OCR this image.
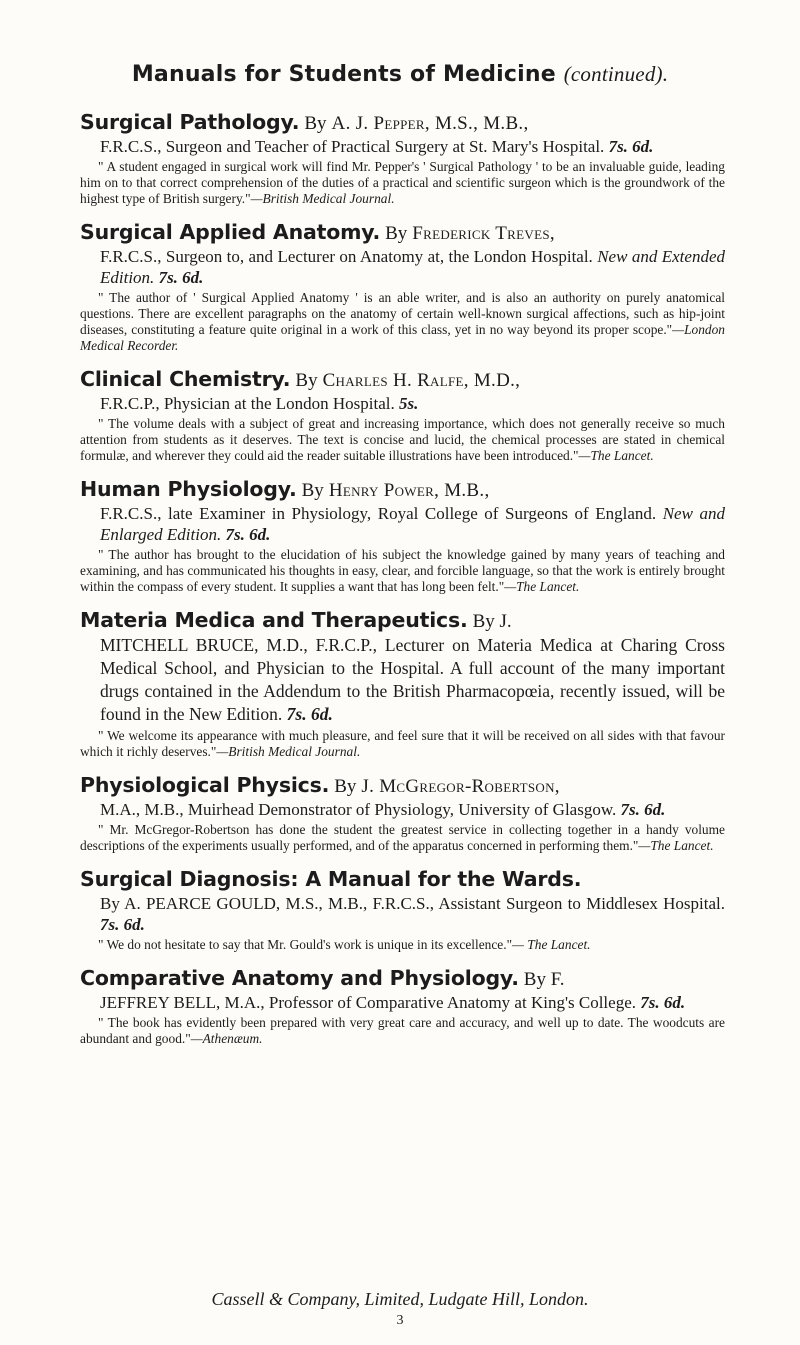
Manuals for Students of Medicine (continued).

Surgical Pathology. By A. J. Pepper, M.S., M.B.,

F.R.C.S., Surgeon and Teacher of Practical Surgery at St. Mary's Hospital. 7s. 6d.

" A student engaged in surgical work will find Mr. Pepper's ' Surgical Pathology ' to be an invaluable guide, leading him on to that correct comprehension of the duties of a practical and scientific surgeon which is the groundwork of the highest type of British surgery."—British Medical Journal.

Surgical Applied Anatomy. By Frederick Treves,

F.R.C.S., Surgeon to, and Lecturer on Anatomy at, the London Hospital. New and Extended Edition. 7s. 6d.

" The author of ' Surgical Applied Anatomy ' is an able writer, and is also an authority on purely anatomical questions. There are excellent paragraphs on the anatomy of certain well-known surgical affections, such as hip-joint diseases, constituting a feature quite original in a work of this class, yet in no way beyond its proper scope."—London Medical Recorder.

Clinical Chemistry. By Charles H. Ralfe, M.D.,

F.R.C.P., Physician at the London Hospital. 5s.

" The volume deals with a subject of great and increasing importance, which does not generally receive so much attention from students as it deserves. The text is concise and lucid, the chemical processes are stated in chemical formulæ, and wherever they could aid the reader suitable illustrations have been introduced."—The Lancet.

Human Physiology. By Henry Power, M.B.,

F.R.C.S., late Examiner in Physiology, Royal College of Surgeons of England. New and Enlarged Edition. 7s. 6d.

" The author has brought to the elucidation of his subject the knowledge gained by many years of teaching and examining, and has communicated his thoughts in easy, clear, and forcible language, so that the work is entirely brought within the compass of every student. It supplies a want that has long been felt."—The Lancet.

Materia Medica and Therapeutics. By J.

MITCHELL BRUCE, M.D., F.R.C.P., Lecturer on Materia Medica at Charing Cross Medical School, and Physician to the Hospital. A full account of the many important drugs contained in the Addendum to the British Pharmacopœia, recently issued, will be found in the New Edition. 7s. 6d.

" We welcome its appearance with much pleasure, and feel sure that it will be received on all sides with that favour which it richly deserves."—British Medical Journal.

Physiological Physics. By J. McGregor-Robertson,

M.A., M.B., Muirhead Demonstrator of Physiology, University of Glasgow. 7s. 6d.

" Mr. McGregor-Robertson has done the student the greatest service in collecting together in a handy volume descriptions of the experiments usually performed, and of the apparatus concerned in performing them."—The Lancet.

Surgical Diagnosis: A Manual for the Wards.

By A. PEARCE GOULD, M.S., M.B., F.R.C.S., Assistant Surgeon to Middlesex Hospital. 7s. 6d.

" We do not hesitate to say that Mr. Gould's work is unique in its excellence."— The Lancet.

Comparative Anatomy and Physiology. By F.

JEFFREY BELL, M.A., Professor of Comparative Anatomy at King's College. 7s. 6d.

" The book has evidently been prepared with very great care and accuracy, and well up to date. The woodcuts are abundant and good."—Athenæum.

Cassell & Company, Limited, Ludgate Hill, London.
3
